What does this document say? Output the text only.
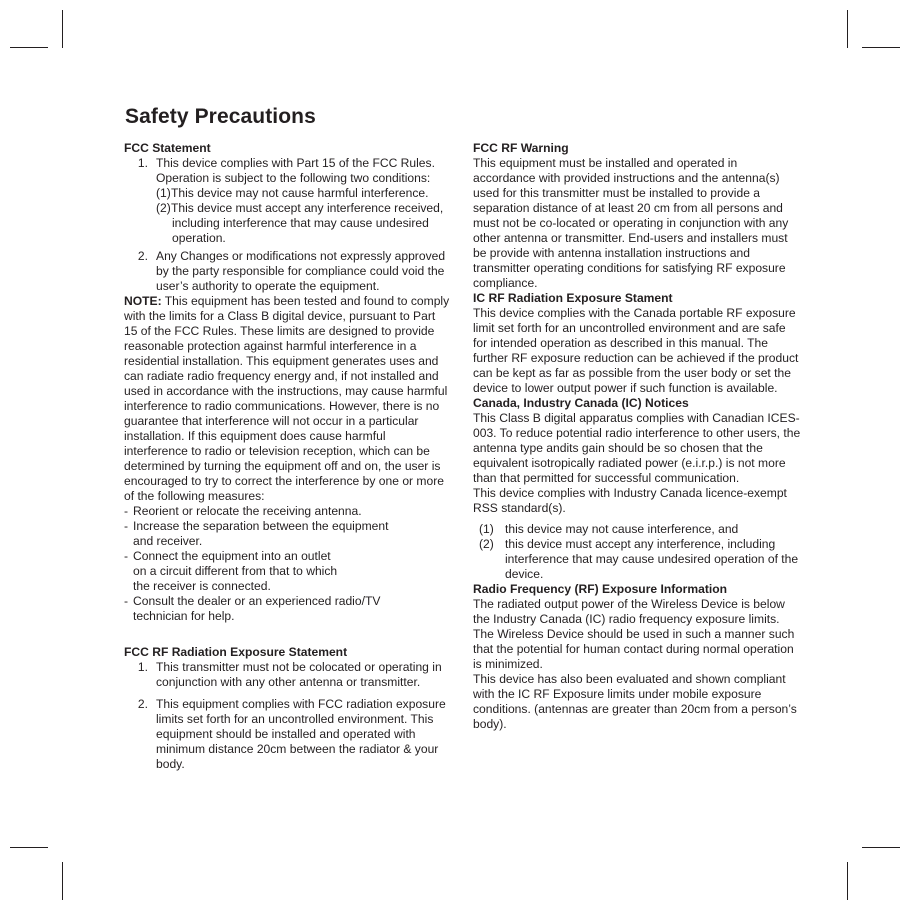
Safety Precautions
FCC Statement
1. This device complies with Part 15 of the FCC Rules. Operation is subject to the following two conditions:
(1) This device may not cause harmful interference.
(2) This device must accept any interference received, including interference that may cause undesired operation.
2. Any Changes or modifications not expressly approved by the party responsible for compliance could void the user’s authority to operate the equipment.

NOTE: This equipment has been tested and found to comply with the limits for a Class B digital device, pursuant to Part 15 of the FCC Rules. These limits are designed to provide reasonable protection against harmful interference in a residential installation. This equipment generates uses and can radiate radio frequency energy and, if not installed and used in accordance with the instructions, may cause harmful interference to radio communications. However, there is no guarantee that interference will not occur in a particular installation. If this equipment does cause harmful interference to radio or television reception, which can be determined by turning the equipment off and on, the user is encouraged to try to correct the interference by one or more of the following measures:

- Reorient or relocate the receiving antenna.
- Increase the separation between the equipment
and receiver.
- Connect the equipment into an outlet
on a circuit different from that to which
the receiver is connected.
- Consult the dealer or an experienced radio/TV
technician for help.
FCC RF Radiation Exposure Statement
1. This transmitter must not be colocated or operating in conjunction with any other antenna or transmitter.
2. This equipment complies with FCC radiation exposure limits set forth for an uncontrolled environment. This equipment should be installed and operated with minimum distance 20cm between the radiator & your body.
FCC RF Warning

This equipment must be installed and operated in accordance with provided instructions and the antenna(s) used for this transmitter must be installed to provide a separation distance of at least 20 cm from all persons and must not be co-located or operating in conjunction with any other antenna or transmitter. End-users and installers must be provide with antenna installation instructions and transmitter operating conditions for satisfying RF exposure compliance.

IC RF Radiation Exposure Stament

This device complies with the Canada portable RF exposure limit set forth for an uncontrolled environment and are safe for intended operation as described in this manual. The further RF exposure reduction can be achieved if the product can be kept as far as possible from the user body or set the device to lower output power if such function is available.

Canada, Industry Canada (IC) Notices

This Class B digital apparatus complies with Canadian ICES-003. To reduce potential radio interference to other users, the antenna type andits gain should be so chosen that the equivalent isotropically radiated power (e.i.r.p.) is not more than that permitted for successful communication.

This device complies with Industry Canada licence-exempt RSS standard(s).

(1) this device may not cause interference, and
(2) this device must accept any interference, including interference that may cause undesired operation of the device.
Radio Frequency (RF) Exposure Information

The radiated output power of the Wireless Device is below the Industry Canada (IC) radio frequency exposure limits. The Wireless Device should be used in such a manner such that the potential for human contact during normal operation is minimized.

This device has also been evaluated and shown compliant with the IC RF Exposure limits under mobile exposure conditions. (antennas are greater than 20cm from a person’s body).
